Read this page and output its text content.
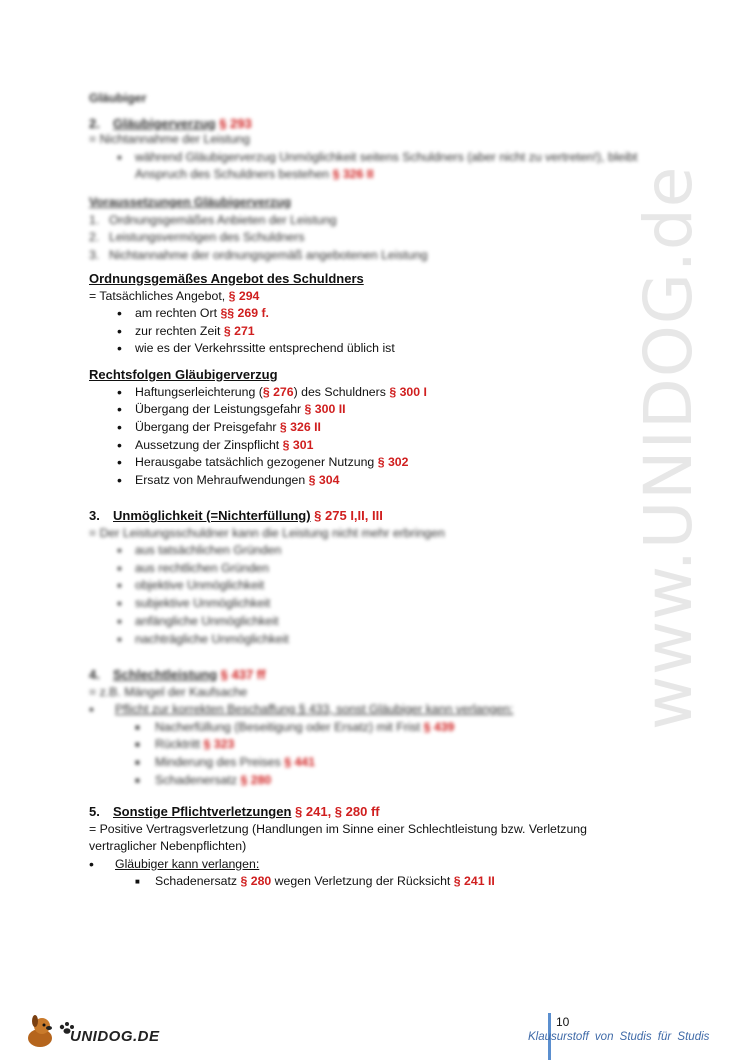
www.UNIDOG.de
Gläubiger
2.	Gläubigerverzug
§ 293
= Nichtannahme der Leistung
• während Gläubigerverzug Unmöglichkeit seitens Schuldners (aber nicht zu vertreten!), bleibt Anspruch des Schuldners bestehen § 326 II
Voraussetzungen Gläubigerverzug
1. Ordnungsgemäßes Anbieten der Leistung
2. Leistungsvermögen des Schuldners
3. Nichtannahme der ordnungsgemäß angebotenen Leistung
Ordnungsgemäßes Angebot des Schuldners
= Tatsächliches Angebot, § 294
• am rechten Ort §§ 269 f.
• zur rechten Zeit § 271
• wie es der Verkehrssitte entsprechend üblich ist
Rechtsfolgen Gläubigerverzug
• Haftungserleichterung (§ 276) des Schuldners § 300 I
• Übergang der Leistungsgefahr § 300 II
• Übergang der Preisgefahr § 326 II
• Aussetzung der Zinspflicht § 301
• Herausgabe tatsächlich gezogener Nutzung § 302
• Ersatz von Mehraufwendungen § 304
3.	Unmöglichkeit (=Nichterfüllung)
§ 275 I,II, III
= Der Leistungsschuldner kann die Leistung nicht mehr erbringen
• aus tatsächlichen Gründen
• aus rechtlichen Gründen
• objektive Unmöglichkeit
• subjektive Unmöglichkeit
• anfängliche Unmöglichkeit
• nachträgliche Unmöglichkeit
4.	Schlechtleistung
§ 437 ff
= z.B. Mängel der Kaufsache
• Pflicht zur korrekten Beschaffung § 433, sonst Gläubiger kann verlangen:
■ Nacherfüllung (Beseitigung oder Ersatz) mit Frist § 439
■ Rücktritt § 323
■ Minderung des Preises § 441
■ Schadenersatz § 280
5.	Sonstige Pflichtverletzungen
§ 241, § 280 ff
= Positive Vertragsverletzung (Handlungen im Sinne einer Schlechtleistung bzw. Verletzung
vertraglicher Nebenpflichten)
• Gläubiger kann verlangen:
■ Schadenersatz § 280 wegen Verletzung der Rücksicht § 241 II
UNIDOG.DE
10
Klausurstoff von Studis für Studis
